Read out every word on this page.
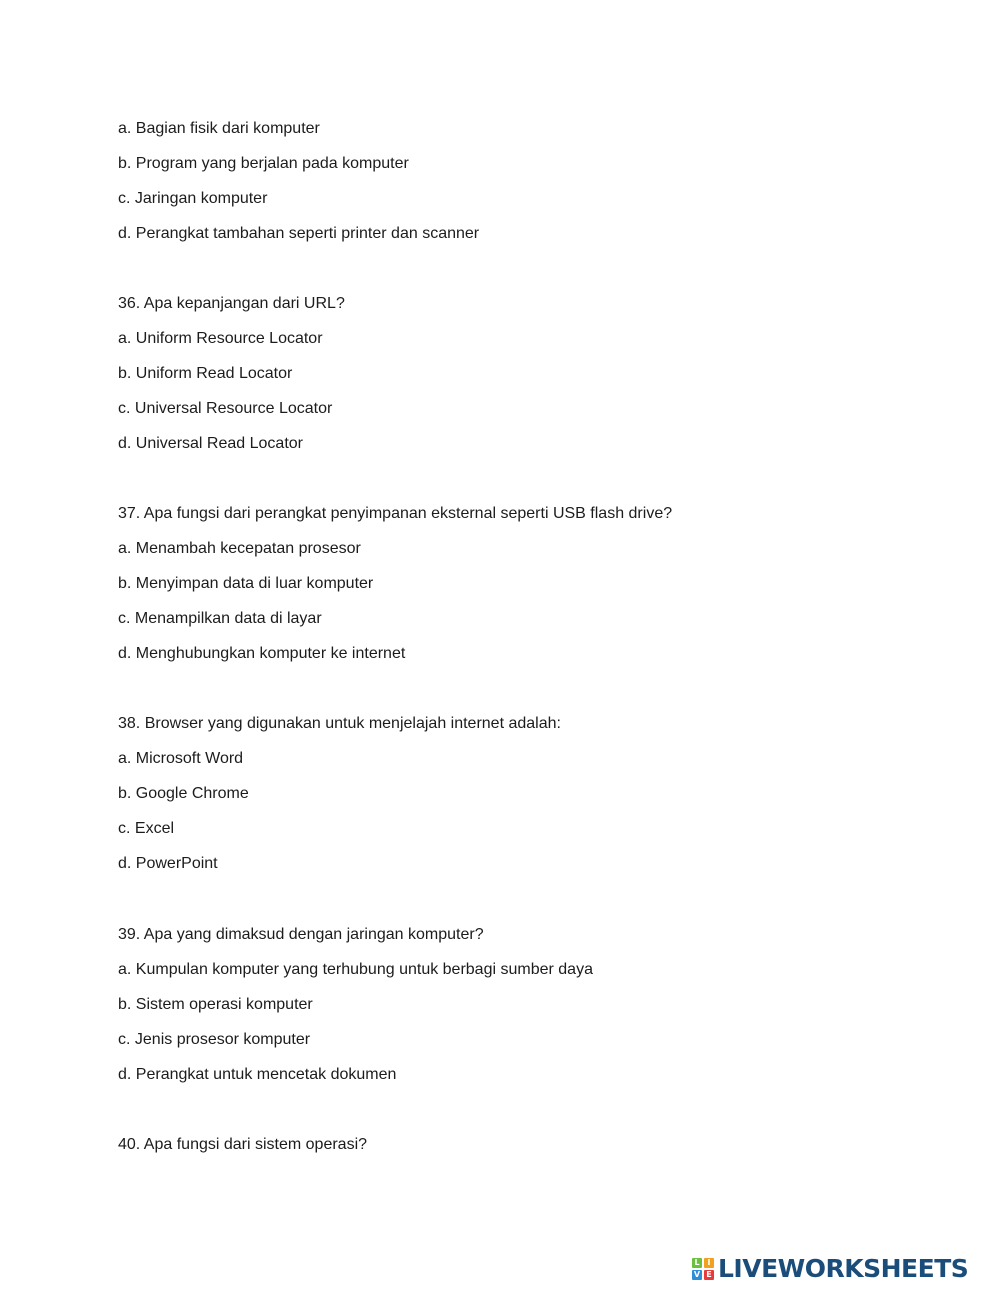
a. Bagian fisik dari komputer
b. Program yang berjalan pada komputer
c. Jaringan komputer
d. Perangkat tambahan seperti printer dan scanner
36. Apa kepanjangan dari URL?
a. Uniform Resource Locator
b. Uniform Read Locator
c. Universal Resource Locator
d. Universal Read Locator
37. Apa fungsi dari perangkat penyimpanan eksternal seperti USB flash drive?
a. Menambah kecepatan prosesor
b. Menyimpan data di luar komputer
c. Menampilkan data di layar
d. Menghubungkan komputer ke internet
38. Browser yang digunakan untuk menjelajah internet adalah:
a. Microsoft Word
b. Google Chrome
c. Excel
d. PowerPoint
39. Apa yang dimaksud dengan jaringan komputer?
a. Kumpulan komputer yang terhubung untuk berbagi sumber daya
b. Sistem operasi komputer
c. Jenis prosesor komputer
d. Perangkat untuk mencetak dokumen
40. Apa fungsi dari sistem operasi?
L I
V E LIVEWORKSHEETS
